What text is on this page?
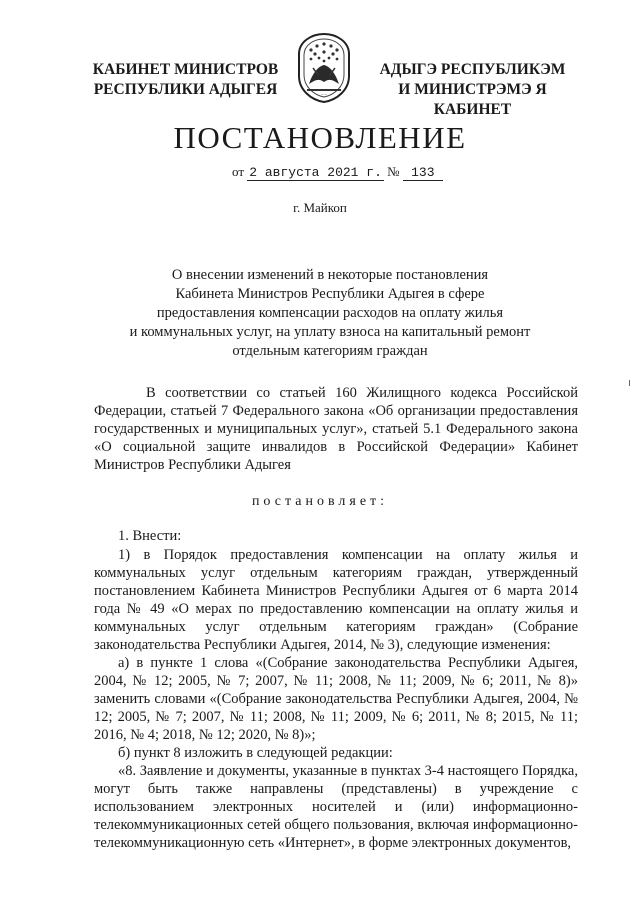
КАБИНЕТ МИНИСТРОВ
РЕСПУБЛИКИ АДЫГЕЯ	·····
АДЫГЭ РЕСПУБЛИКЭМ
И МИНИСТРЭМЭ Я КАБИНЕТ
ПОСТАНОВЛЕНИЕ
от 2 августа 2021 г. № 133
г. Майкоп
О внесении изменений в некоторые постановления
Кабинета Министров Республики Адыгея в сфере
предоставления компенсации расходов на оплату жилья
и коммунальных услуг, на уплату взноса на капитальный ремонт
отдельным категориям граждан
В соответствии со статьей 160 Жилищного кодекса Российской Федерации, статьей 7 Федерального закона «Об организации предоставления государственных и муниципальных услуг», статьей 5.1 Федерального закона «О социальной защите инвалидов в Российской Федерации» Кабинет Министров Республики Адыгея
постановляет:

1. Внести:

1) в Порядок предоставления компенсации на оплату жилья и коммунальных услуг отдельным категориям граждан, утвержденный постановлением Кабинета Министров Республики Адыгея от 6 марта 2014 года № 49 «О мерах по предоставлению компенсации на оплату жилья и коммунальных услуг отдельным категориям граждан» (Собрание законодательства Республики Адыгея, 2014, № 3), следующие изменения:

а) в пункте 1 слова «(Собрание законодательства Республики Адыгея, 2004, № 12; 2005, № 7; 2007, № 11; 2008, № 11; 2009, № 6; 2011, № 8)» заменить словами «(Собрание законодательства Республики Адыгея, 2004, № 12; 2005, № 7; 2007, № 11; 2008, № 11; 2009, № 6; 2011, № 8; 2015, № 11; 2016, № 4; 2018, № 12; 2020, № 8)»;

б) пункт 8 изложить в следующей редакции:

«8. Заявление и документы, указанные в пунктах 3-4 настоящего Порядка, могут быть также направлены (представлены) в учреждение с использованием электронных носителей и (или) информационно-телекоммуникационных сетей общего пользования, включая информационно-телекоммуникационную сеть «Интернет», в форме электронных документов,
